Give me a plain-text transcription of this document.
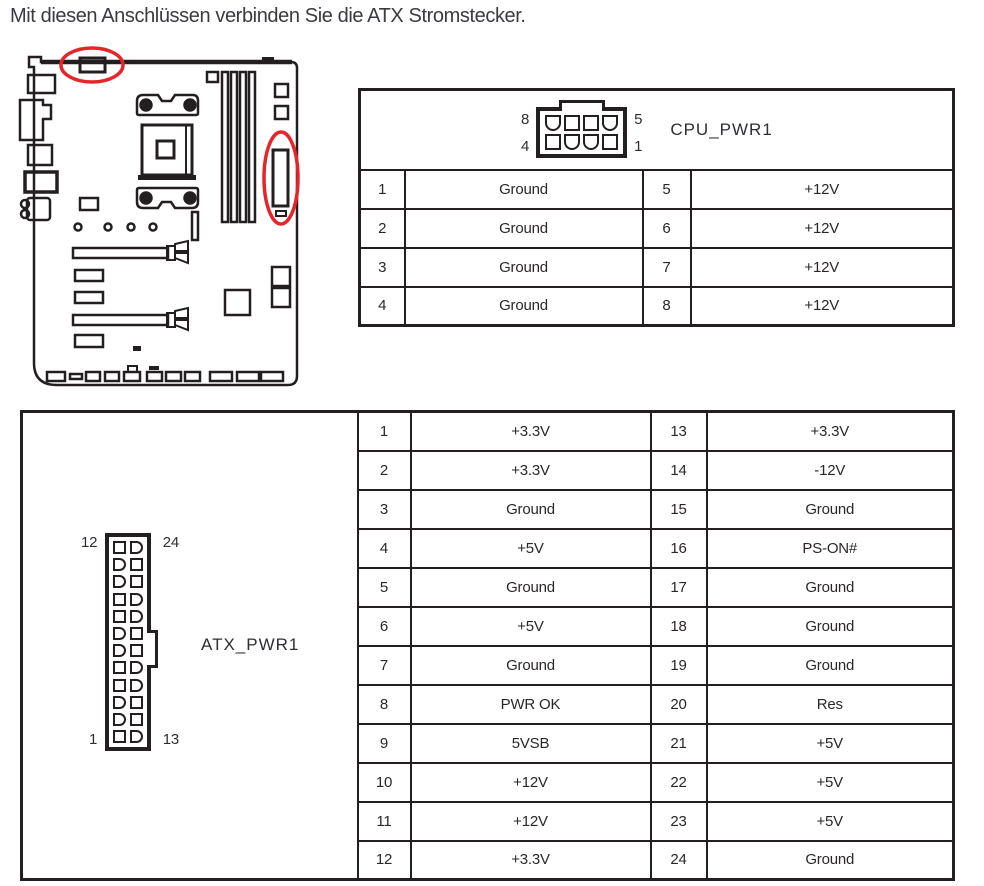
Mit diesen Anschlüssen verbinden Sie die ATX Stromstecker.
8
4
5
1
CPU_PWR1			

1	Ground	5	+12V
2	Ground	6	+12V
3	Ground	7	+12V
4	Ground	8	+12V
12 24
1 13
ATX_PWR1	1	+3.3V	13	+3.3V
	2	+3.3V	14	-12V
	3	Ground	15	Ground
	4	+5V	16	PS-ON#
	5	Ground	17	Ground
	6	+5V	18	Ground
	7	Ground	19	Ground
	8	PWR OK	20	Res
	9	5VSB	21	+5V
	10	+12V	22	+5V
	11	+12V	23	+5V
	12	+3.3V	24	Ground
